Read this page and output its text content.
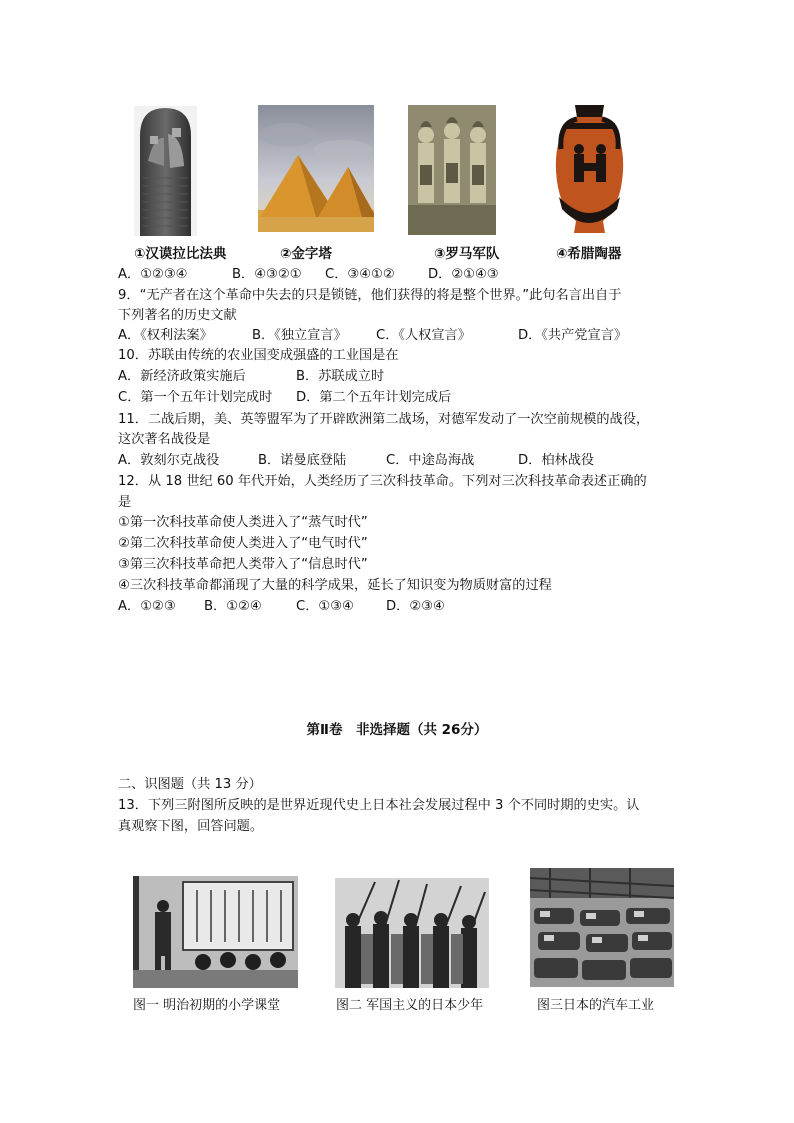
①汉谟拉比法典	②金字塔	③罗马军队	④希腊陶器
A．①②③④	B．④③②① C．③④①②	D．②①④③
9．“无产者在这个革命中失去的只是锁链，他们获得的将是整个世界。”此句名言出自于
下列著名的历史文献
A．《权利法案》	B．《独立宣言》 C．《人权宣言》	D．《共产党宣言》
10．苏联由传统的农业国变成强盛的工业国是在
A．新经济政策实施后	B．苏联成立时
C．第一个五年计划完成时 D．第二个五年计划完成后
11．二战后期，美、英等盟军为了开辟欧洲第二战场，对德军发动了一次空前规模的战役，
这次著名战役是
A．敦刻尔克战役	B．诺曼底登陆	C．中途岛海战	D．柏林战役
12．从 18 世纪 60 年代开始，人类经历了三次科技革命。下列对三次科技革命表述正确的
是
①第一次科技革命使人类进入了“蒸气时代”
②第二次科技革命使人类进入了“电气时代”
③第三次科技革命把人类带入了“信息时代”
④三次科技革命都涌现了大量的科学成果，延长了知识变为物质财富的过程
A．①②③ B．①②④	C．①③④ D．②③④
第Ⅱ卷　非选择题（共 26分）
二、识图题（共 13 分）
13．下列三附图所反映的是世界近现代史上日本社会发展过程中 3 个不同时期的史实。认
真观察下图，回答问题。
图一 明治初期的小学课堂	图二 军国主义的日本少年	图三日本的汽车工业
